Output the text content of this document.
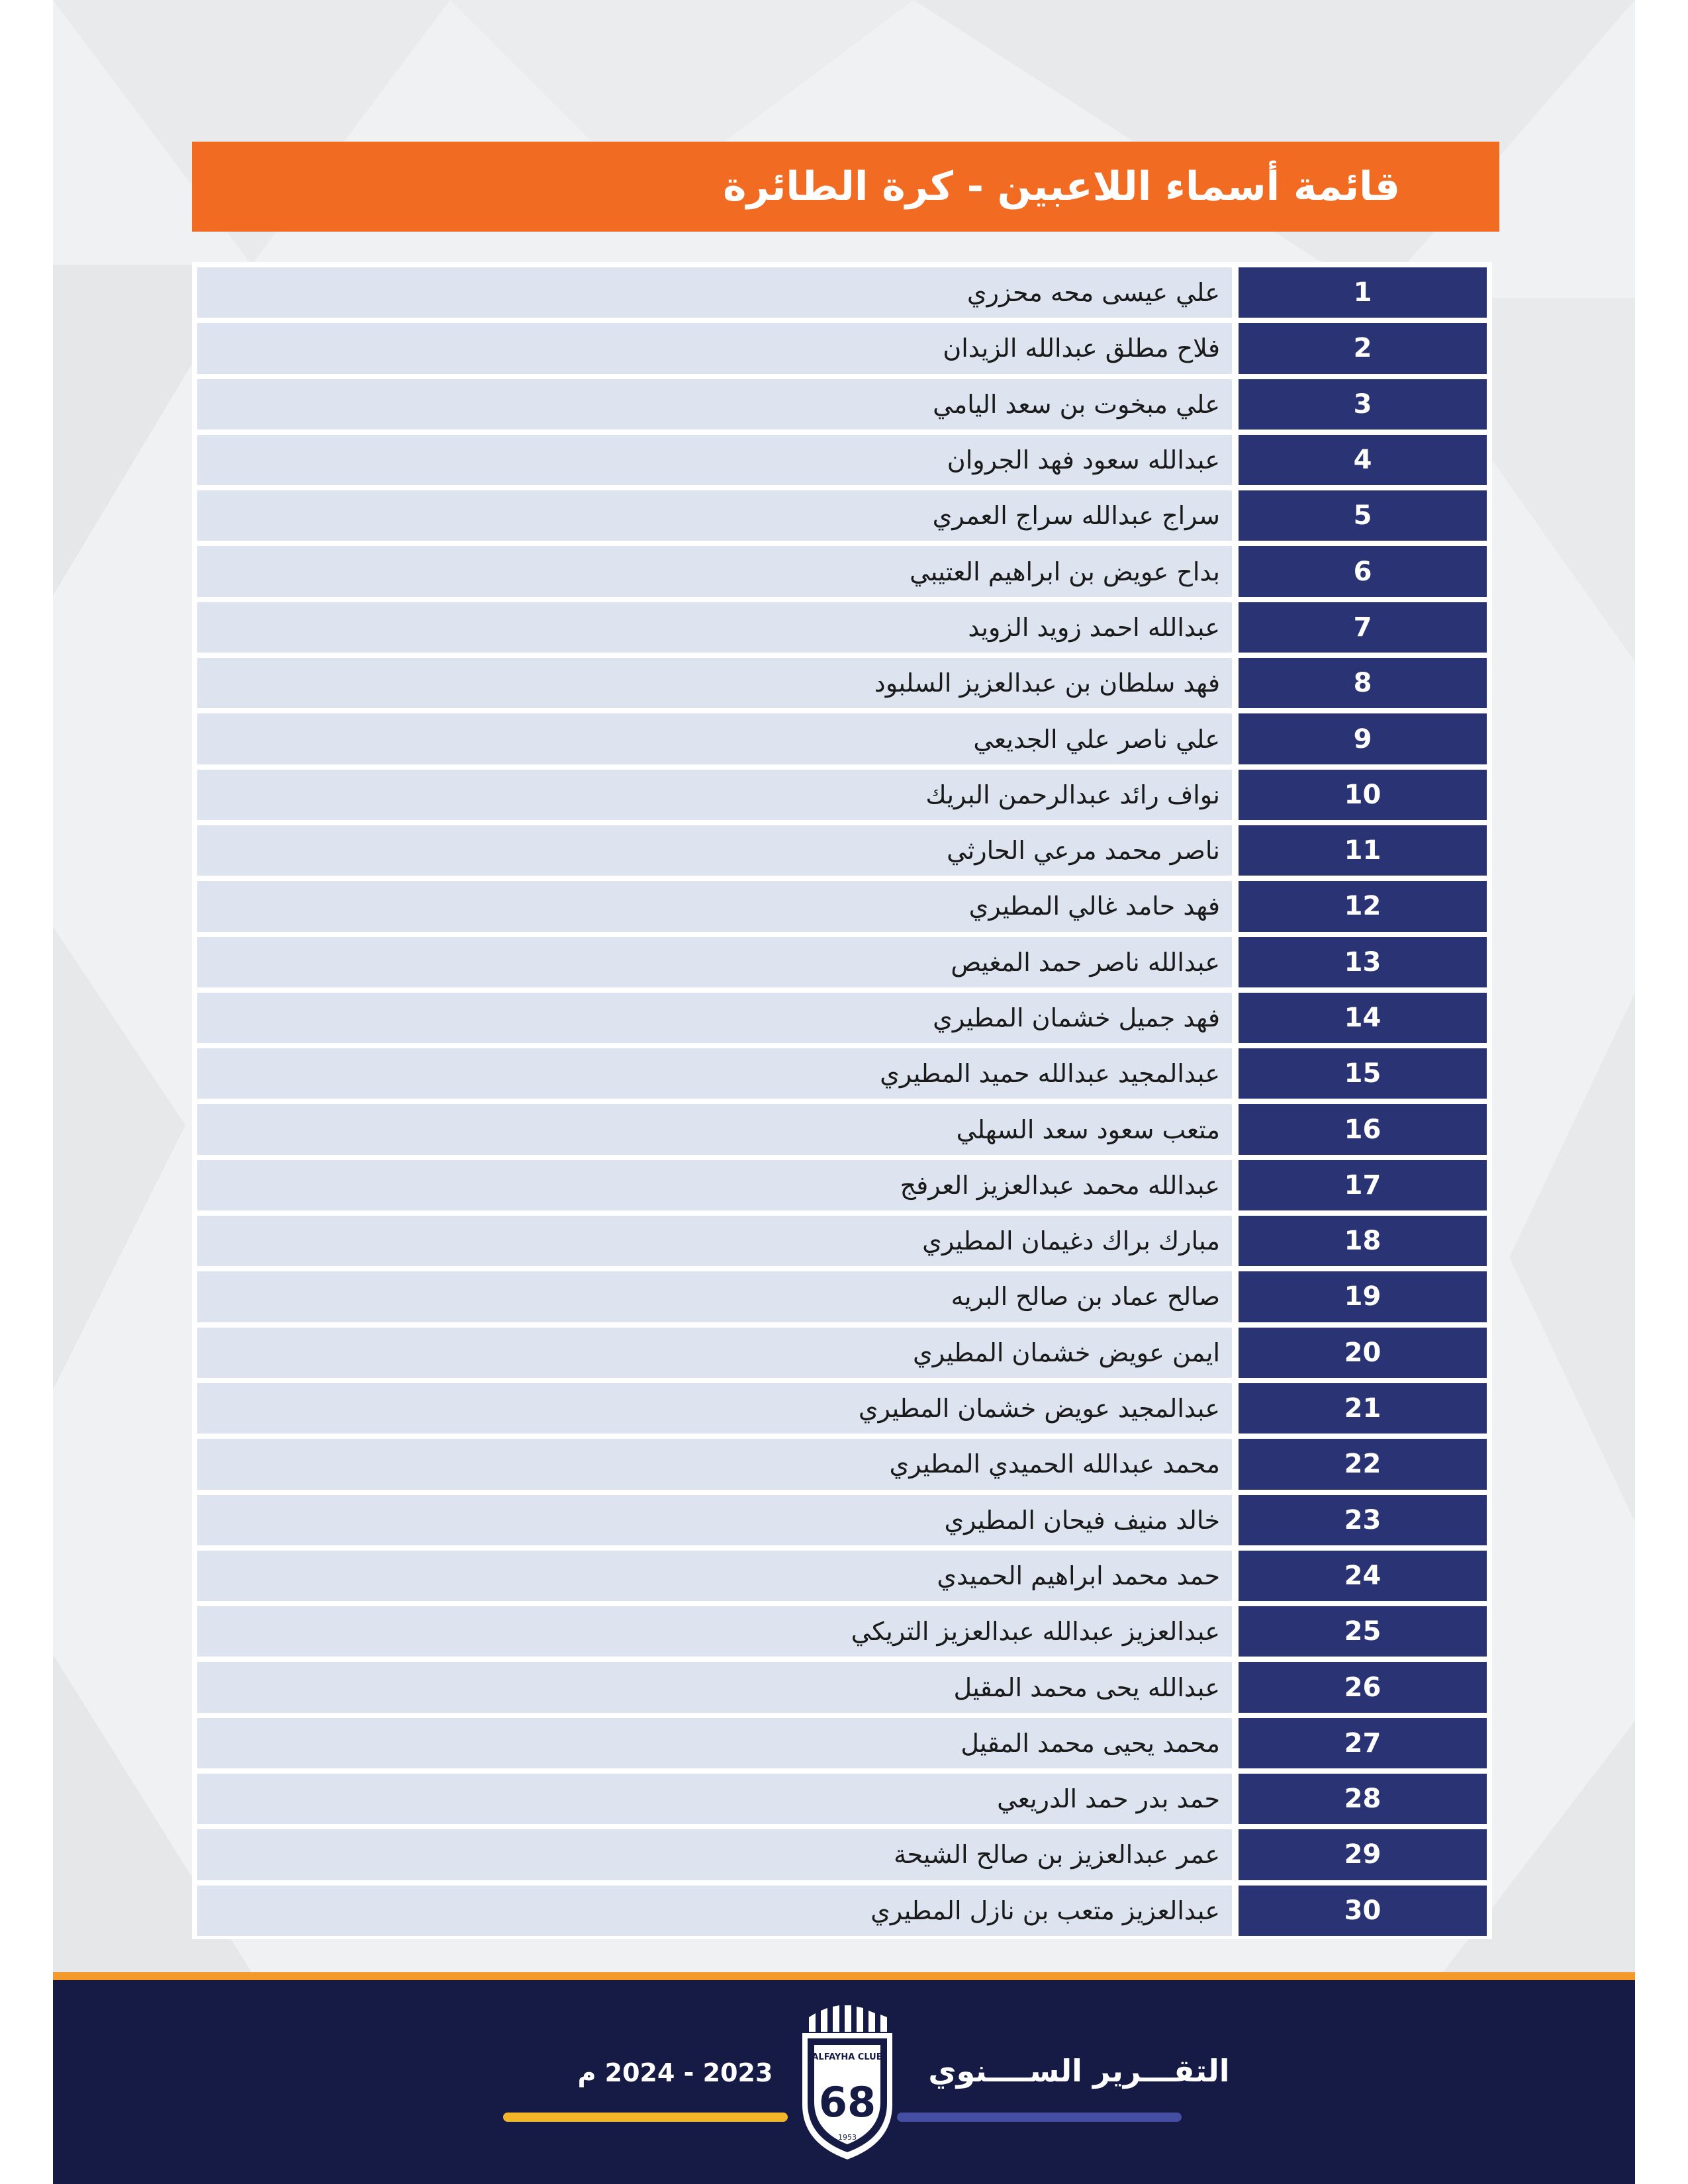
قائمة أسماء اللاعبين - كرة الطائرة
1
علي عيسى محه محزري
2
فلاح مطلق عبدالله الزيدان
3
علي مبخوت بن سعد اليامي
4
عبدالله سعود فهد الجروان
5
سراج عبدالله سراج العمري
6
بداح عويض بن ابراهيم العتيبي
7
عبدالله احمد زويد الزويد
8
فهد سلطان بن عبدالعزيز السلبود
9
علي ناصر علي الجديعي
10
نواف رائد عبدالرحمن البريك
11
ناصر محمد مرعي الحارثي
12
فهد حامد غالي المطيري
13
عبدالله ناصر حمد المغيص
14
فهد جميل خشمان المطيري
15
عبدالمجيد عبدالله حميد المطيري
16
متعب سعود سعد السهلي
17
عبدالله محمد عبدالعزيز العرفج
18
مبارك براك دغيمان المطيري
19
صالح عماد بن صالح البريه
20
ايمن عويض خشمان المطيري
21
عبدالمجيد عويض خشمان المطيري
22
محمد عبدالله الحميدي المطيري
23
خالد منيف فيحان المطيري
24
حمد محمد ابراهيم الحميدي
25
عبدالعزيز عبدالله عبدالعزيز التريكي
26
عبدالله يحى محمد المقيل
27
محمد يحيى محمد المقيل
28
حمد بدر حمد الدريعي
29
عمر عبدالعزيز بن صالح الشيحة
30
عبدالعزيز متعب بن نازل المطيري
التقـــرير الســــنوي
68
ALFAYHA CLUB
1953
2023 - 2024 م
